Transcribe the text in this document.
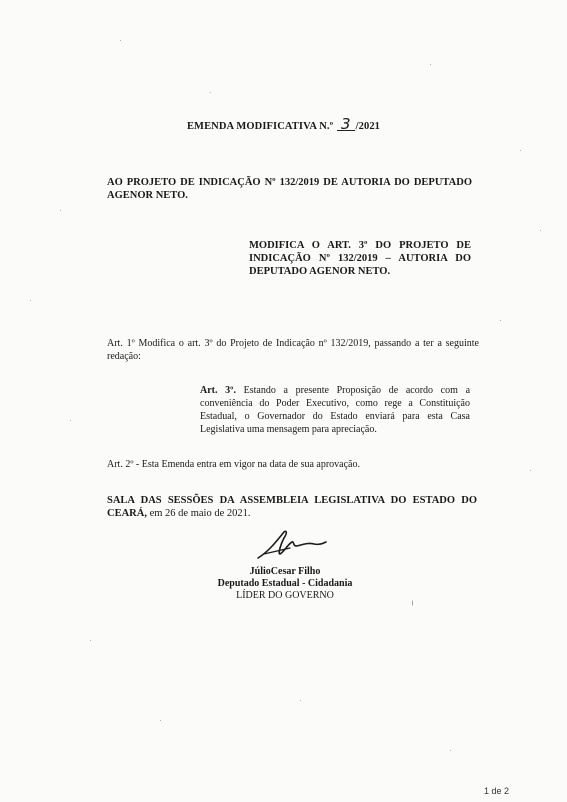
EMENDA MODIFICATIVA N.º 3 /2021
AO PROJETO DE INDICAÇÃO Nº 132/2019 DE AUTORIA DO DEPUTADO AGENOR NETO.
MODIFICA O ART. 3º DO PROJETO DE INDICAÇÃO Nº 132/2019 – AUTORIA DO DEPUTADO AGENOR NETO.
Art. 1º Modifica o art. 3º do Projeto de Indicação nº 132/2019, passando a ter a seguinte redação:
Art. 3º. Estando a presente Proposição de acordo com a conveniência do Poder Executivo, como rege a Constituição Estadual, o Governador do Estado enviará para esta Casa Legislativa uma mensagem para apreciação.
Art. 2º - Esta Emenda entra em vigor na data de sua aprovação.
SALA DAS SESSÕES DA ASSEMBLEIA LEGISLATIVA DO ESTADO DO CEARÁ, em 26 de maio de 2021.
JúlioCesar Filho
Deputado Estadual - Cidadania
LÍDER DO GOVERNO
1 de 2
